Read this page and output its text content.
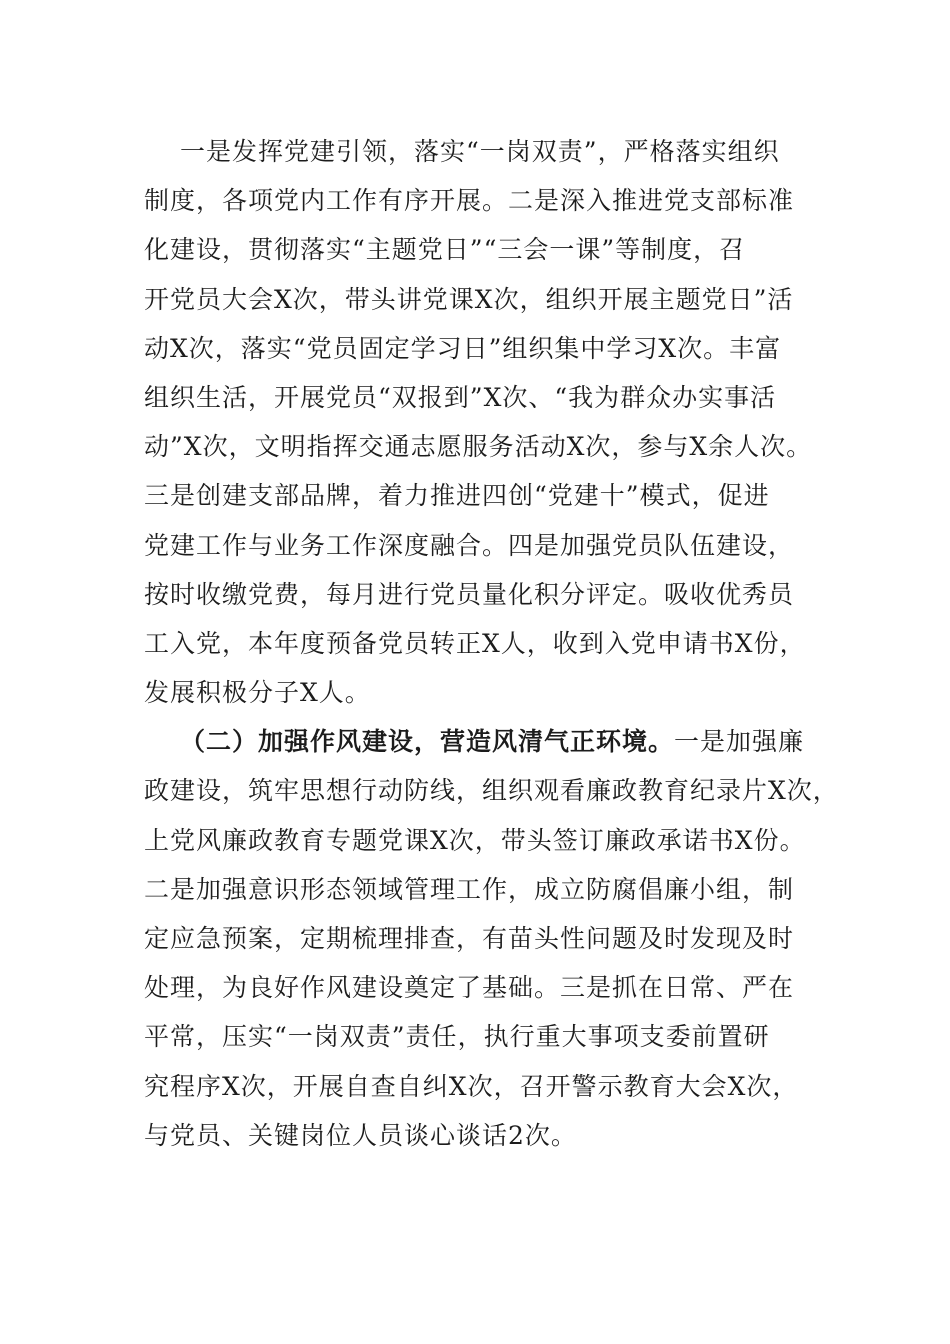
一是发挥党建引领，落实“一岗双责”，严格落实组织
制度，各项党内工作有序开展。二是深入推进党支部标准
化建设，贯彻落实“主题党日”“三会一课”等制度，召
开党员大会X次，带头讲党课X次，组织开展主题党日”活
动X次，落实“党员固定学习日”组织集中学习X次。丰富
组织生活，开展党员“双报到”X次、“我为群众办实事活
动”X次，文明指挥交通志愿服务活动X次，参与X余人次。
三是创建支部品牌，着力推进四创“党建十”模式，促进
党建工作与业务工作深度融合。四是加强党员队伍建设，
按时收缴党费，每月进行党员量化积分评定。吸收优秀员
工入党，本年度预备党员转正X人，收到入党申请书X份，
发展积极分子X人。
（二）加强作风建设，营造风清气正环境。一是加强廉
政建设，筑牢思想行动防线，组织观看廉政教育纪录片X次，
上党风廉政教育专题党课X次，带头签订廉政承诺书X份。
二是加强意识形态领域管理工作，成立防腐倡廉小组，制
定应急预案，定期梳理排查，有苗头性问题及时发现及时
处理，为良好作风建设奠定了基础。三是抓在日常、严在
平常，压实“一岗双责”责任，执行重大事项支委前置研
究程序X次，开展自查自纠X次，召开警示教育大会X次，
与党员、关键岗位人员谈心谈话2次。
